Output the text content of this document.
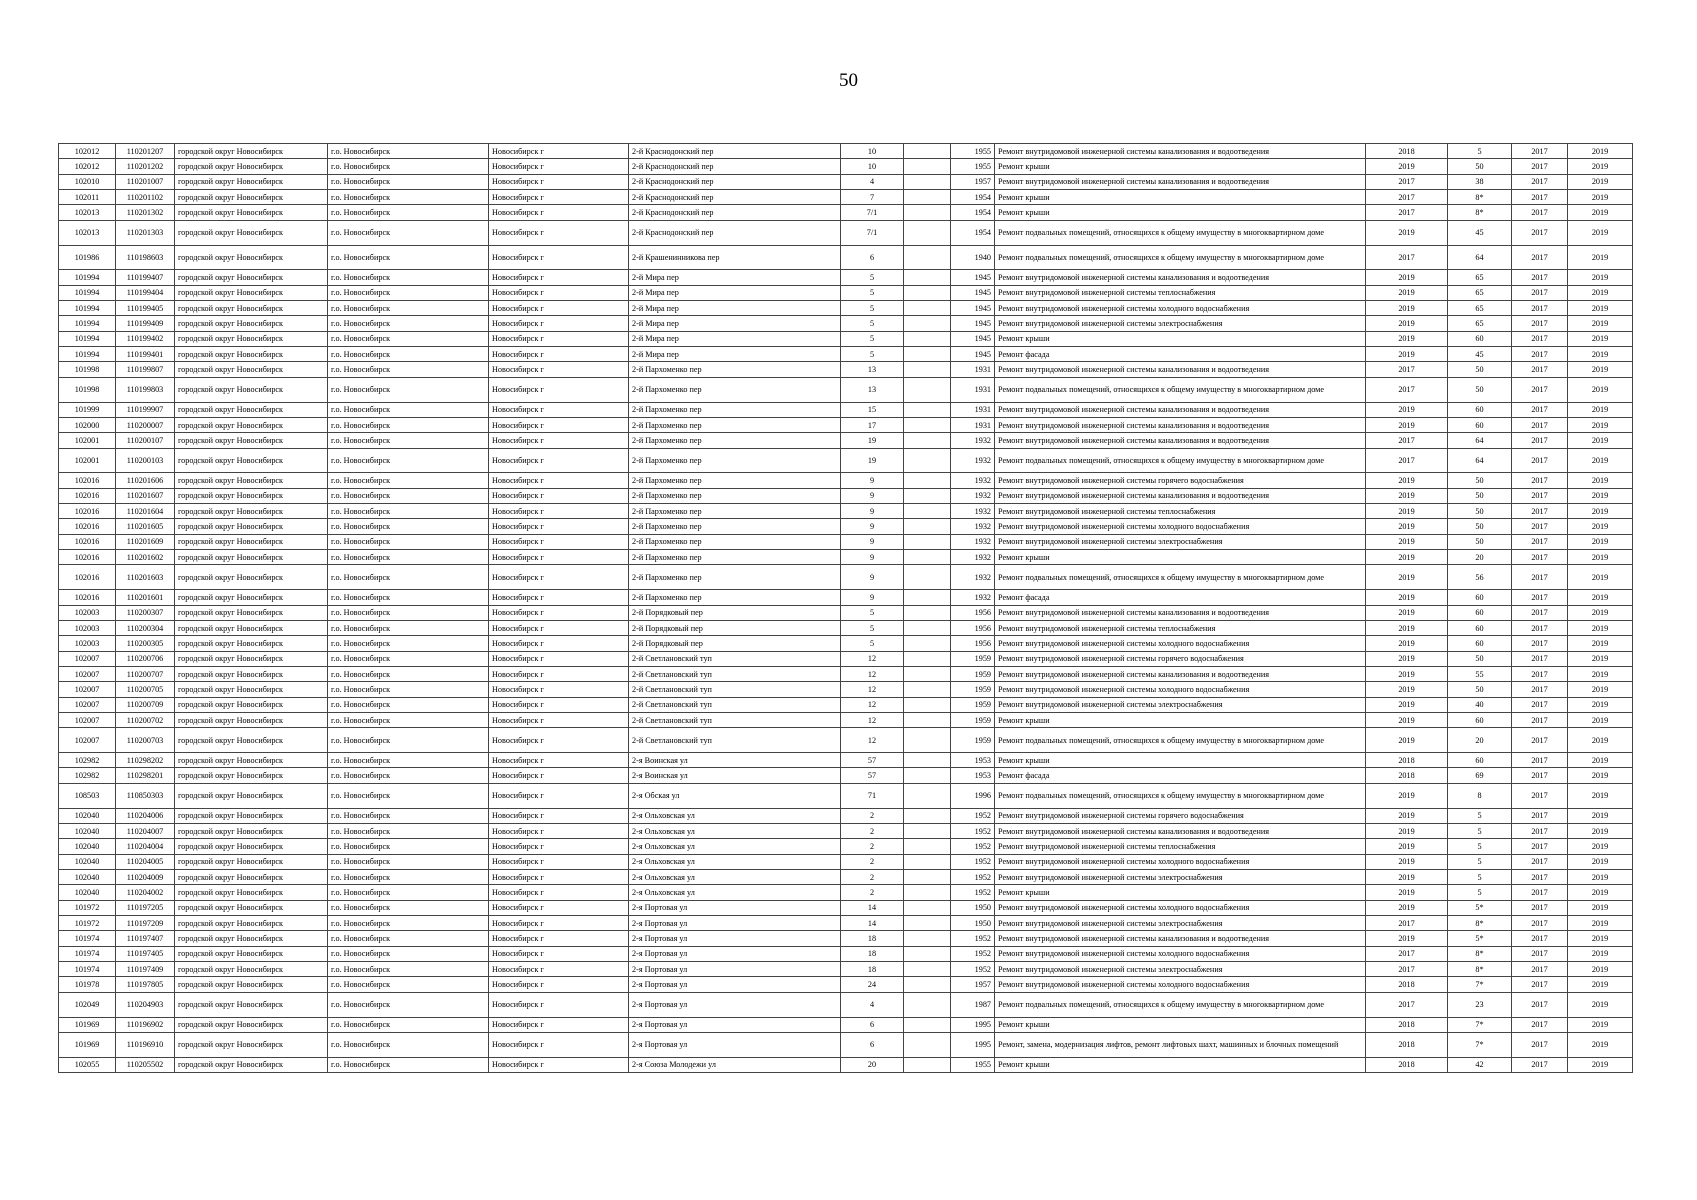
50
102012	110201207	городской округ Новосибирск	г.о. Новосибирск	Новосибирск г	2-й Краснодонский пер	10		1955	Ремонт внутридомовой инженерной системы канализования и водоотведения	2018	5	2017	2019
102012	110201202	городской округ Новосибирск	г.о. Новосибирск	Новосибирск г	2-й Краснодонский пер	10		1955	Ремонт крыши	2019	50	2017	2019
102010	110201007	городской округ Новосибирск	г.о. Новосибирск	Новосибирск г	2-й Краснодонский пер	4		1957	Ремонт внутридомовой инженерной системы канализования и водоотведения	2017	38	2017	2019
102011	110201102	городской округ Новосибирск	г.о. Новосибирск	Новосибирск г	2-й Краснодонский пер	7		1954	Ремонт крыши	2017	8*	2017	2019
102013	110201302	городской округ Новосибирск	г.о. Новосибирск	Новосибирск г	2-й Краснодонский пер	7/1		1954	Ремонт крыши	2017	8*	2017	2019
102013	110201303	городской округ Новосибирск	г.о. Новосибирск	Новосибирск г	2-й Краснодонский пер	7/1		1954	Ремонт подвальных помещений, относящихся к общему имуществу в многоквартирном доме	2019	45	2017	2019
101986	110198603	городской округ Новосибирск	г.о. Новосибирск	Новосибирск г	2-й Крашенинникова пер	6		1940	Ремонт подвальных помещений, относящихся к общему имуществу в многоквартирном доме	2017	64	2017	2019
101994	110199407	городской округ Новосибирск	г.о. Новосибирск	Новосибирск г	2-й Мира пер	5		1945	Ремонт внутридомовой инженерной системы канализования и водоотведения	2019	65	2017	2019
101994	110199404	городской округ Новосибирск	г.о. Новосибирск	Новосибирск г	2-й Мира пер	5		1945	Ремонт внутридомовой инженерной системы теплоснабжения	2019	65	2017	2019
101994	110199405	городской округ Новосибирск	г.о. Новосибирск	Новосибирск г	2-й Мира пер	5		1945	Ремонт внутридомовой инженерной системы холодного водоснабжения	2019	65	2017	2019
101994	110199409	городской округ Новосибирск	г.о. Новосибирск	Новосибирск г	2-й Мира пер	5		1945	Ремонт внутридомовой инженерной системы электроснабжения	2019	65	2017	2019
101994	110199402	городской округ Новосибирск	г.о. Новосибирск	Новосибирск г	2-й Мира пер	5		1945	Ремонт крыши	2019	60	2017	2019
101994	110199401	городской округ Новосибирск	г.о. Новосибирск	Новосибирск г	2-й Мира пер	5		1945	Ремонт фасада	2019	45	2017	2019
101998	110199807	городской округ Новосибирск	г.о. Новосибирск	Новосибирск г	2-й Пархоменко пер	13		1931	Ремонт внутридомовой инженерной системы канализования и водоотведения	2017	50	2017	2019
101998	110199803	городской округ Новосибирск	г.о. Новосибирск	Новосибирск г	2-й Пархоменко пер	13		1931	Ремонт подвальных помещений, относящихся к общему имуществу в многоквартирном доме	2017	50	2017	2019
101999	110199907	городской округ Новосибирск	г.о. Новосибирск	Новосибирск г	2-й Пархоменко пер	15		1931	Ремонт внутридомовой инженерной системы канализования и водоотведения	2019	60	2017	2019
102000	110200007	городской округ Новосибирск	г.о. Новосибирск	Новосибирск г	2-й Пархоменко пер	17		1931	Ремонт внутридомовой инженерной системы канализования и водоотведения	2019	60	2017	2019
102001	110200107	городской округ Новосибирск	г.о. Новосибирск	Новосибирск г	2-й Пархоменко пер	19		1932	Ремонт внутридомовой инженерной системы канализования и водоотведения	2017	64	2017	2019
102001	110200103	городской округ Новосибирск	г.о. Новосибирск	Новосибирск г	2-й Пархоменко пер	19		1932	Ремонт подвальных помещений, относящихся к общему имуществу в многоквартирном доме	2017	64	2017	2019
102016	110201606	городской округ Новосибирск	г.о. Новосибирск	Новосибирск г	2-й Пархоменко пер	9		1932	Ремонт внутридомовой инженерной системы горячего водоснабжения	2019	50	2017	2019
102016	110201607	городской округ Новосибирск	г.о. Новосибирск	Новосибирск г	2-й Пархоменко пер	9		1932	Ремонт внутридомовой инженерной системы канализования и водоотведения	2019	50	2017	2019
102016	110201604	городской округ Новосибирск	г.о. Новосибирск	Новосибирск г	2-й Пархоменко пер	9		1932	Ремонт внутридомовой инженерной системы теплоснабжения	2019	50	2017	2019
102016	110201605	городской округ Новосибирск	г.о. Новосибирск	Новосибирск г	2-й Пархоменко пер	9		1932	Ремонт внутридомовой инженерной системы холодного водоснабжения	2019	50	2017	2019
102016	110201609	городской округ Новосибирск	г.о. Новосибирск	Новосибирск г	2-й Пархоменко пер	9		1932	Ремонт внутридомовой инженерной системы электроснабжения	2019	50	2017	2019
102016	110201602	городской округ Новосибирск	г.о. Новосибирск	Новосибирск г	2-й Пархоменко пер	9		1932	Ремонт крыши	2019	20	2017	2019
102016	110201603	городской округ Новосибирск	г.о. Новосибирск	Новосибирск г	2-й Пархоменко пер	9		1932	Ремонт подвальных помещений, относящихся к общему имуществу в многоквартирном доме	2019	56	2017	2019
102016	110201601	городской округ Новосибирск	г.о. Новосибирск	Новосибирск г	2-й Пархоменко пер	9		1932	Ремонт фасада	2019	60	2017	2019
102003	110200307	городской округ Новосибирск	г.о. Новосибирск	Новосибирск г	2-й Порядковый пер	5		1956	Ремонт внутридомовой инженерной системы канализования и водоотведения	2019	60	2017	2019
102003	110200304	городской округ Новосибирск	г.о. Новосибирск	Новосибирск г	2-й Порядковый пер	5		1956	Ремонт внутридомовой инженерной системы теплоснабжения	2019	60	2017	2019
102003	110200305	городской округ Новосибирск	г.о. Новосибирск	Новосибирск г	2-й Порядковый пер	5		1956	Ремонт внутридомовой инженерной системы холодного водоснабжения	2019	60	2017	2019
102007	110200706	городской округ Новосибирск	г.о. Новосибирск	Новосибирск г	2-й Светлановский туп	12		1959	Ремонт внутридомовой инженерной системы горячего водоснабжения	2019	50	2017	2019
102007	110200707	городской округ Новосибирск	г.о. Новосибирск	Новосибирск г	2-й Светлановский туп	12		1959	Ремонт внутридомовой инженерной системы канализования и водоотведения	2019	55	2017	2019
102007	110200705	городской округ Новосибирск	г.о. Новосибирск	Новосибирск г	2-й Светлановский туп	12		1959	Ремонт внутридомовой инженерной системы холодного водоснабжения	2019	50	2017	2019
102007	110200709	городской округ Новосибирск	г.о. Новосибирск	Новосибирск г	2-й Светлановский туп	12		1959	Ремонт внутридомовой инженерной системы электроснабжения	2019	40	2017	2019
102007	110200702	городской округ Новосибирск	г.о. Новосибирск	Новосибирск г	2-й Светлановский туп	12		1959	Ремонт крыши	2019	60	2017	2019
102007	110200703	городской округ Новосибирск	г.о. Новосибирск	Новосибирск г	2-й Светлановский туп	12		1959	Ремонт подвальных помещений, относящихся к общему имуществу в многоквартирном доме	2019	20	2017	2019
102982	110298202	городской округ Новосибирск	г.о. Новосибирск	Новосибирск г	2-я Воинская ул	57		1953	Ремонт крыши	2018	60	2017	2019
102982	110298201	городской округ Новосибирск	г.о. Новосибирск	Новосибирск г	2-я Воинская ул	57		1953	Ремонт фасада	2018	69	2017	2019
108503	110850303	городской округ Новосибирск	г.о. Новосибирск	Новосибирск г	2-я Обская ул	71		1996	Ремонт подвальных помещений, относящихся к общему имуществу в многоквартирном доме	2019	8	2017	2019
102040	110204006	городской округ Новосибирск	г.о. Новосибирск	Новосибирск г	2-я Ольховская ул	2		1952	Ремонт внутридомовой инженерной системы горячего водоснабжения	2019	5	2017	2019
102040	110204007	городской округ Новосибирск	г.о. Новосибирск	Новосибирск г	2-я Ольховская ул	2		1952	Ремонт внутридомовой инженерной системы канализования и водоотведения	2019	5	2017	2019
102040	110204004	городской округ Новосибирск	г.о. Новосибирск	Новосибирск г	2-я Ольховская ул	2		1952	Ремонт внутридомовой инженерной системы теплоснабжения	2019	5	2017	2019
102040	110204005	городской округ Новосибирск	г.о. Новосибирск	Новосибирск г	2-я Ольховская ул	2		1952	Ремонт внутридомовой инженерной системы холодного водоснабжения	2019	5	2017	2019
102040	110204009	городской округ Новосибирск	г.о. Новосибирск	Новосибирск г	2-я Ольховская ул	2		1952	Ремонт внутридомовой инженерной системы электроснабжения	2019	5	2017	2019
102040	110204002	городской округ Новосибирск	г.о. Новосибирск	Новосибирск г	2-я Ольховская ул	2		1952	Ремонт крыши	2019	5	2017	2019
101972	110197205	городской округ Новосибирск	г.о. Новосибирск	Новосибирск г	2-я Портовая ул	14		1950	Ремонт внутридомовой инженерной системы холодного водоснабжения	2019	5*	2017	2019
101972	110197209	городской округ Новосибирск	г.о. Новосибирск	Новосибирск г	2-я Портовая ул	14		1950	Ремонт внутридомовой инженерной системы электроснабжения	2017	8*	2017	2019
101974	110197407	городской округ Новосибирск	г.о. Новосибирск	Новосибирск г	2-я Портовая ул	18		1952	Ремонт внутридомовой инженерной системы канализования и водоотведения	2019	5*	2017	2019
101974	110197405	городской округ Новосибирск	г.о. Новосибирск	Новосибирск г	2-я Портовая ул	18		1952	Ремонт внутридомовой инженерной системы холодного водоснабжения	2017	8*	2017	2019
101974	110197409	городской округ Новосибирск	г.о. Новосибирск	Новосибирск г	2-я Портовая ул	18		1952	Ремонт внутридомовой инженерной системы электроснабжения	2017	8*	2017	2019
101978	110197805	городской округ Новосибирск	г.о. Новосибирск	Новосибирск г	2-я Портовая ул	24		1957	Ремонт внутридомовой инженерной системы холодного водоснабжения	2018	7*	2017	2019
102049	110204903	городской округ Новосибирск	г.о. Новосибирск	Новосибирск г	2-я Портовая ул	4		1987	Ремонт подвальных помещений, относящихся к общему имуществу в многоквартирном доме	2017	23	2017	2019
101969	110196902	городской округ Новосибирск	г.о. Новосибирск	Новосибирск г	2-я Портовая ул	6		1995	Ремонт крыши	2018	7*	2017	2019
101969	110196910	городской округ Новосибирск	г.о. Новосибирск	Новосибирск г	2-я Портовая ул	6		1995	Ремонт, замена, модернизация лифтов, ремонт лифтовых шахт, машинных и блочных помещений	2018	7*	2017	2019
102055	110205502	городской округ Новосибирск	г.о. Новосибирск	Новосибирск г	2-я Союза Молодежи ул	20		1955	Ремонт крыши	2018	42	2017	2019
